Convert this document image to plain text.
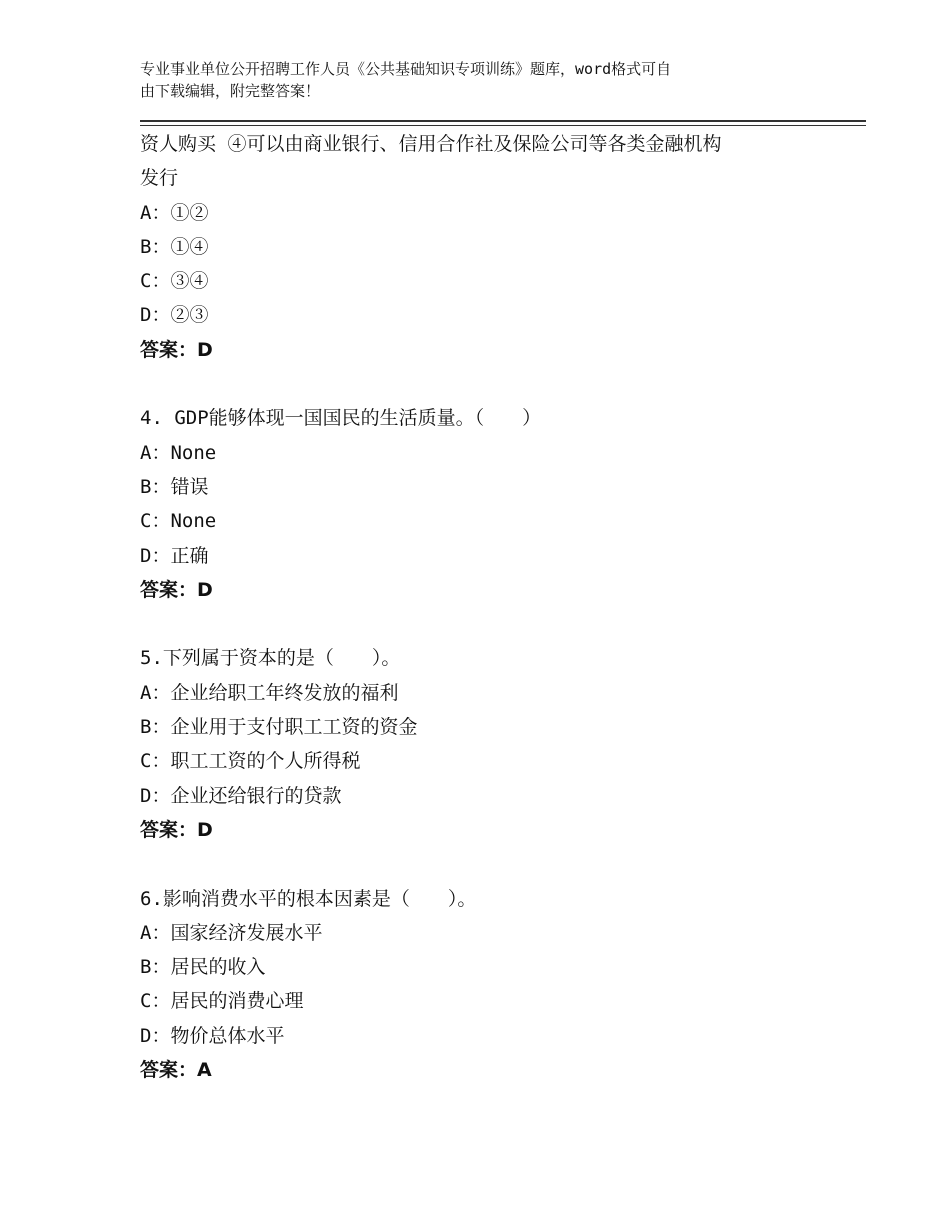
专业事业单位公开招聘工作人员《公共基础知识专项训练》题库，word格式可自
由下载编辑，附完整答案！
资人购买 ④可以由商业银行、信用合作社及保险公司等各类金融机构
发行
A：①②
B：①④
C：③④
D：②③
答案：D
4. GDP能够体现一国国民的生活质量。（　　）
A：None
B：错误
C：None
D：正确
答案：D
5.下列属于资本的是（　　）。
A：企业给职工年终发放的福利
B：企业用于支付职工工资的资金
C：职工工资的个人所得税
D：企业还给银行的贷款
答案：D
6.影响消费水平的根本因素是（　　）。
A：国家经济发展水平
B：居民的收入
C：居民的消费心理
D：物价总体水平
答案：A
